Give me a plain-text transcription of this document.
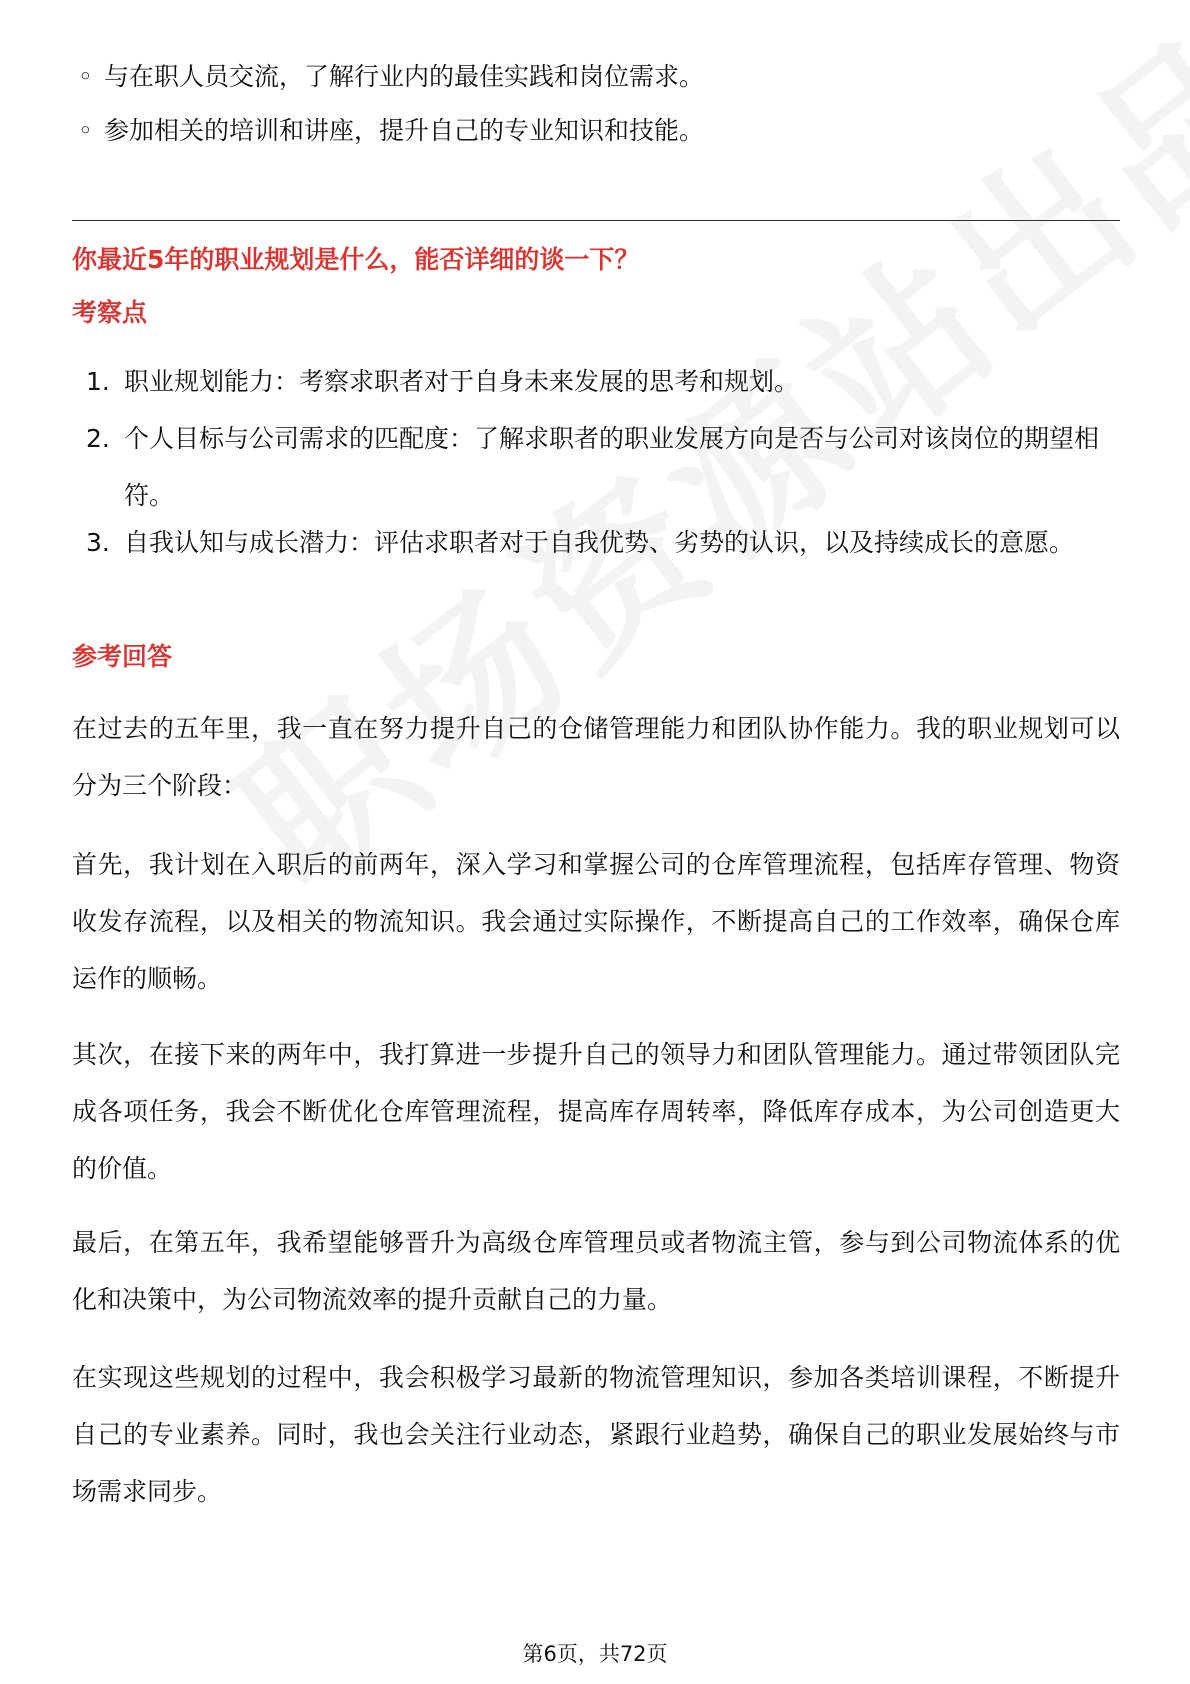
◦ 与在职人员交流，了解行业内的最佳实践和岗位需求。
◦ 参加相关的培训和讲座，提升自己的专业知识和技能。
你最近5年的职业规划是什么，能否详细的谈一下？
考察点
1. 职业规划能力：考察求职者对于自身未来发展的思考和规划。
2. 个人目标与公司需求的匹配度：了解求职者的职业发展方向是否与公司对该岗位的期望相符。
3. 自我认知与成长潜力：评估求职者对于自我优势、劣势的认识，以及持续成长的意愿。
参考回答
在过去的五年里，我一直在努力提升自己的仓储管理能力和团队协作能力。我的职业规划可以分为三个阶段：
首先，我计划在入职后的前两年，深入学习和掌握公司的仓库管理流程，包括库存管理、物资收发存流程，以及相关的物流知识。我会通过实际操作，不断提高自己的工作效率，确保仓库运作的顺畅。
其次，在接下来的两年中，我打算进一步提升自己的领导力和团队管理能力。通过带领团队完成各项任务，我会不断优化仓库管理流程，提高库存周转率，降低库存成本，为公司创造更大的价值。
最后，在第五年，我希望能够晋升为高级仓库管理员或者物流主管，参与到公司物流体系的优化和决策中，为公司物流效率的提升贡献自己的力量。
在实现这些规划的过程中，我会积极学习最新的物流管理知识，参加各类培训课程，不断提升自己的专业素养。同时，我也会关注行业动态，紧跟行业趋势，确保自己的职业发展始终与市场需求同步。
第6页，共72页
